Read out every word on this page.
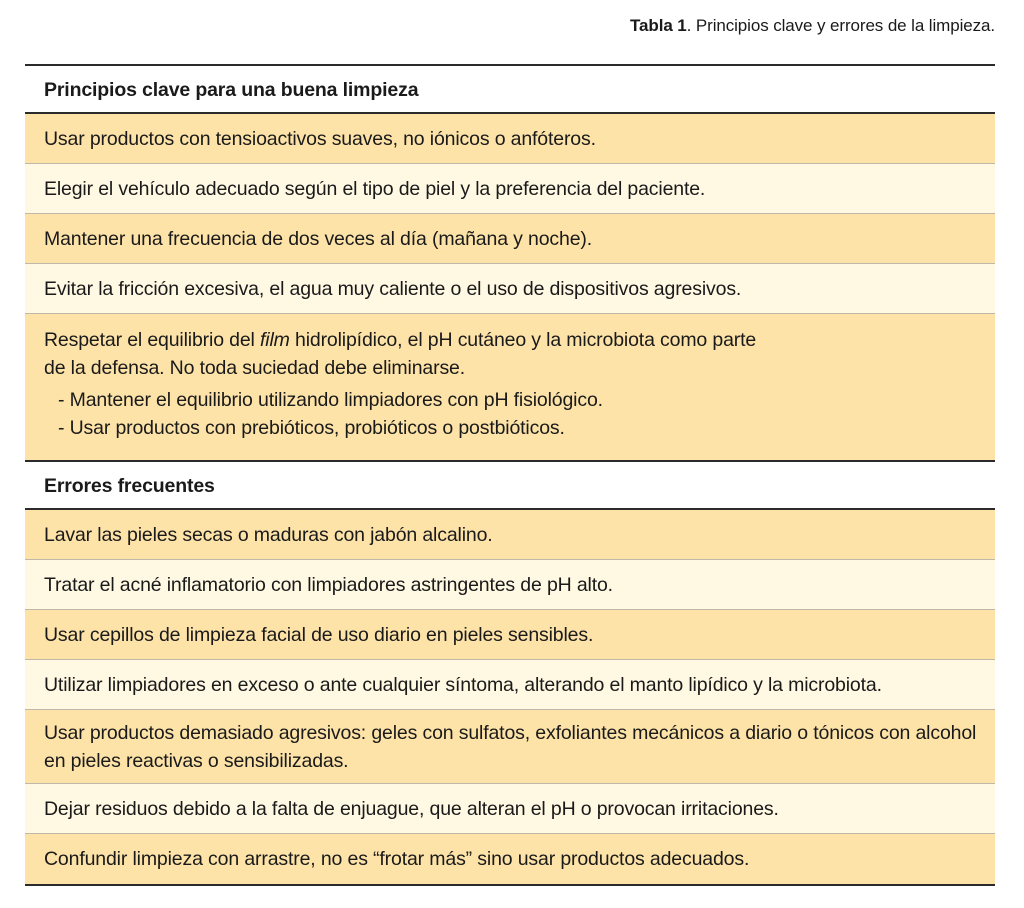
Tabla 1. Principios clave y errores de la limpieza.
Principios clave para una buena limpieza
Usar productos con tensioactivos suaves, no iónicos o anfóteros.
Elegir el vehículo adecuado según el tipo de piel y la preferencia del paciente.
Mantener una frecuencia de dos veces al día (mañana y noche).
Evitar la fricción excesiva, el agua muy caliente o el uso de dispositivos agresivos.
Respetar el equilibrio del film hidrolipídico, el pH cutáneo y la microbiota como parte
de la defensa. No toda suciedad debe eliminarse.
- Mantener el equilibrio utilizando limpiadores con pH fisiológico.
- Usar productos con prebióticos, probióticos o postbióticos.
Errores frecuentes
Lavar las pieles secas o maduras con jabón alcalino.
Tratar el acné inflamatorio con limpiadores astringentes de pH alto.
Usar cepillos de limpieza facial de uso diario en pieles sensibles.
Utilizar limpiadores en exceso o ante cualquier síntoma, alterando el manto lipídico y la microbiota.
Usar productos demasiado agresivos: geles con sulfatos, exfoliantes mecánicos a diario o tónicos con alcohol en pieles reactivas o sensibilizadas.
Dejar residuos debido a la falta de enjuague, que alteran el pH o provocan irritaciones.
Confundir limpieza con arrastre, no es “frotar más” sino usar productos adecuados.
